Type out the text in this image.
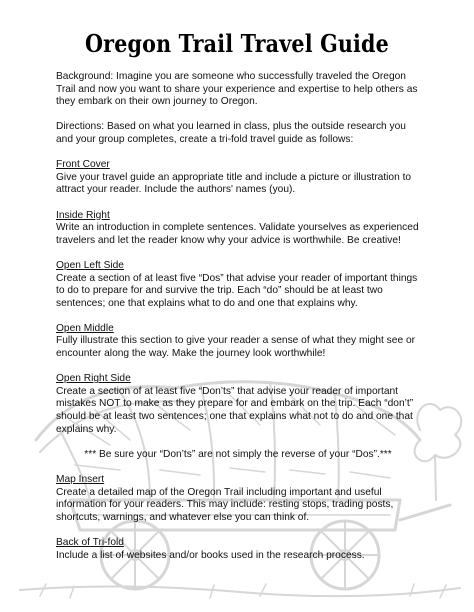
Oregon Trail Travel Guide

Background: Imagine you are someone who successfully traveled the Oregon Trail and now you want to share your experience and expertise to help others as they embark on their own journey to Oregon.

Directions: Based on what you learned in class, plus the outside research you and your group completes, create a tri-fold travel guide as follows:

Front Cover
Give your travel guide an appropriate title and include a picture or illustration to attract your reader. Include the authors' names (you).
Inside Right
Write an introduction in complete sentences. Validate yourselves as experienced travelers and let the reader know why your advice is worthwhile. Be creative!
Open Left Side
Create a section of at least five “Dos” that advise your reader of important things to do to prepare for and survive the trip. Each “do” should be at least two sentences; one that explains what to do and one that explains why.
Open Middle
Fully illustrate this section to give your reader a sense of what they might see or encounter along the way. Make the journey look worthwhile!
Open Right Side
Create a section of at least five “Don’ts” that advise your reader of important mistakes NOT to make as they prepare for and embark on the trip. Each “don’t” should be at least two sentences; one that explains what not to do and one that explains why.
*** Be sure your “Don’ts” are not simply the reverse of your “Dos”.***
Map Insert
Create a detailed map of the Oregon Trail including important and useful information for your readers. This may include: resting stops, trading posts, shortcuts, warnings, and whatever else you can think of.
Back of Tri-fold
Include a list of websites and/or books used in the research process.
